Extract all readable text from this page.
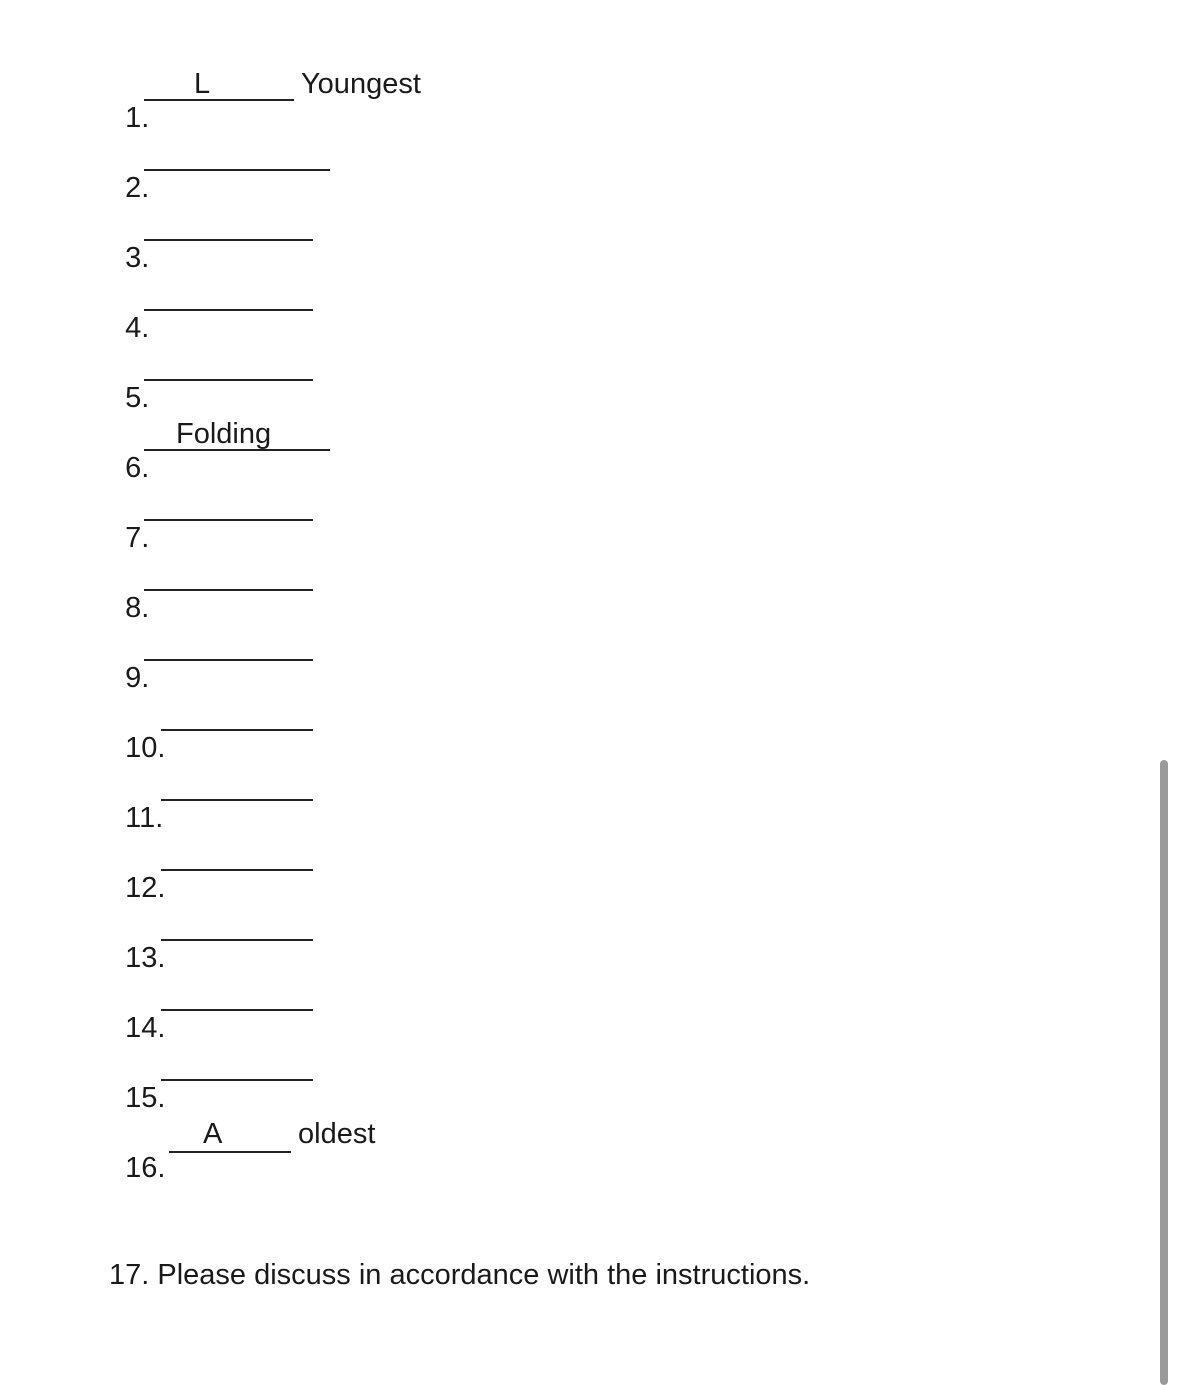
1.

L	Youngest

2.

3.

4.

5.

6.

Folding

7.

8.

9.

10.

11.

12.

13.

14.

15.

16.

A	oldest
17. Please discuss in accordance with the instructions.
